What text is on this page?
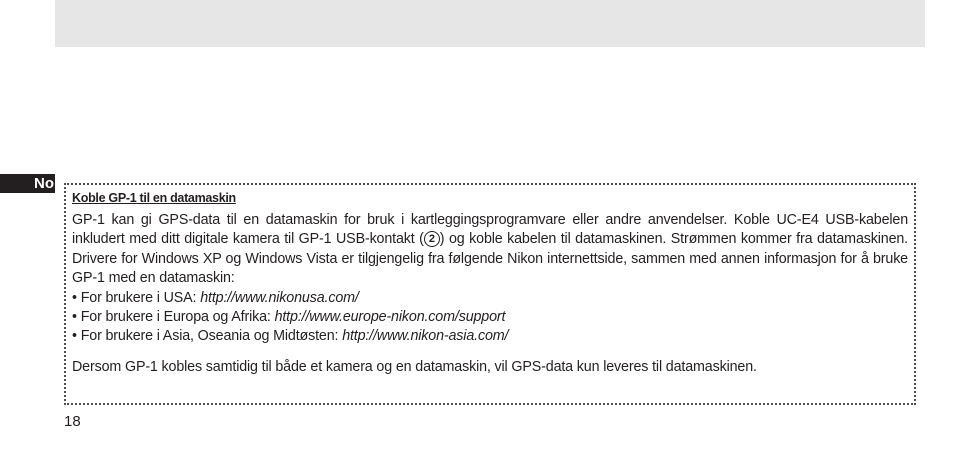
No
Koble GP-1 til en datamaskin

GP-1 kan gi GPS-data til en datamaskin for bruk i kartleggingsprogramvare eller andre anvendelser. Koble UC-E4 USB-kabelen inkludert med ditt digitale kamera til GP-1 USB-kontakt ( 2 ) og koble kabelen til datamaskinen. Strømmen kommer fra datamaskinen. Drivere for Windows XP og Windows Vista er tilgjengelig fra følgende Nikon internettside, sammen med annen informasjon for å bruke GP-1 med en datamaskin:

• For brukere i USA: http://www.nikonusa.com/
• For brukere i Europa og Afrika: http://www.europe-nikon.com/support
• For brukere i Asia, Oseania og Midtøsten: http://www.nikon-asia.com/

Dersom GP-1 kobles samtidig til både et kamera og en datamaskin, vil GPS-data kun leveres til datamaskinen.

18
